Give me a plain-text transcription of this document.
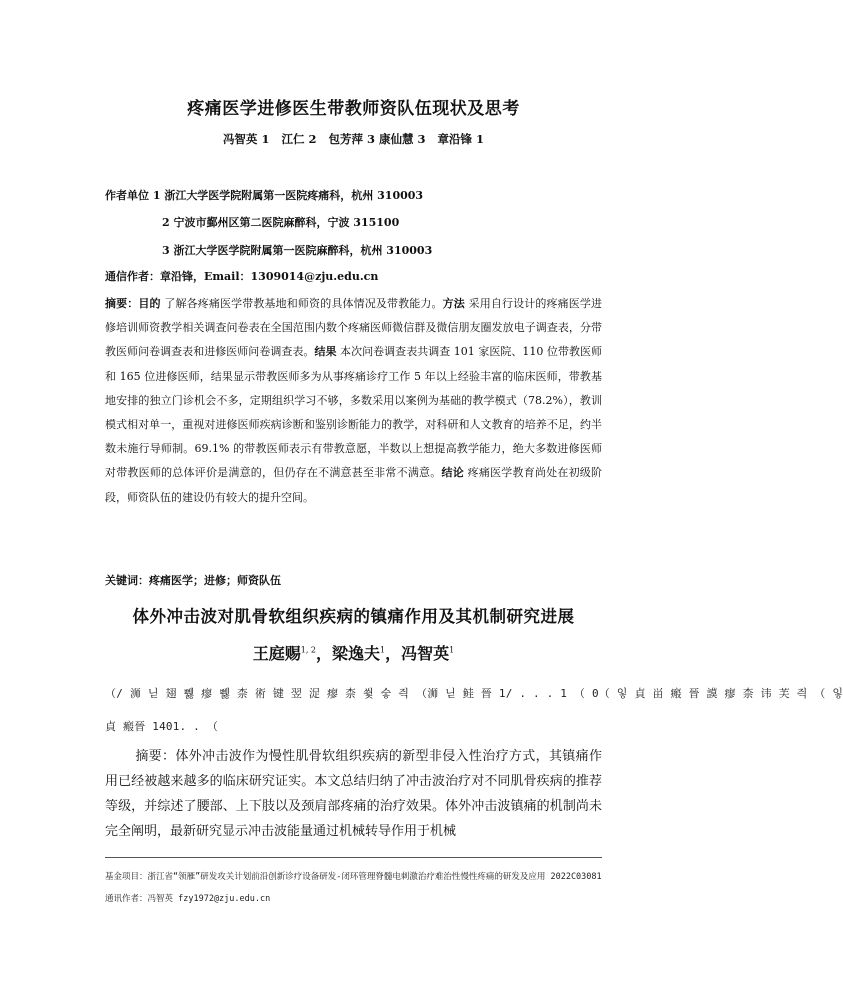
疼痛医学进修医生带教师资队伍现状及思考
冯智英 1 江仁 2 包芳萍 3 康仙慧 3 章沿锋 1
作者单位 1 浙江大学医学院附属第一医院疼痛科，杭州 310003
2 宁波市鄞州区第二医院麻醉科，宁波 315100
3 浙江大学医学院附属第一医院麻醉科，杭州 310003
通信作者：章沿锋，Email：1309014@zju.edu.cn
摘要：目的 了解各疼痛医学带教基地和师资的具体情况及带教能力。方法 采用自行设计的疼痛医学进修培训师资教学相关调查问卷表在全国范围内数个疼痛医师微信群及微信朋友圈发放电子调查表，分带教医师问卷调查表和进修医师问卷调查表。结果 本次问卷调查表共调查 101 家医院、110 位带教医师和 165 位进修医师，结果显示带教医师多为从事疼痛诊疗工作 5 年以上经验丰富的临床医师，带教基地安排的独立门诊机会不多，定期组织学习不够，多数采用以案例为基础的教学模式（78.2%），教训模式相对单一，重视对进修医师疾病诊断和鉴别诊断能力的教学，对科研和人文教育的培养不足，约半数未施行导师制。69.1% 的带教医师表示有带教意愿，半数以上想提高教学能力，绝大多数进修医师对带教医师的总体评价是满意的，但仍存在不满意甚至非常不满意。结论 疼痛医学教育尚处在初级阶段，师资队伍的建设仍有较大的提升空间。
关键词：疼痛医学；进修；师资队伍
体外冲击波对肌骨软组织疾病的镇痛作用及其机制研究进展
王庭赐$^{1, 2}$，梁逸夫$^1$，冯智英$^1$
（/ 浉 닏 翅 쀓 瘳 쀓 柰 術 键 翌 浞 瘳 柰 쓏 숳 즥 （浉 닏 鲑 晉 1/ . . . 1 （ 0（ 잏 貞 畄 瘢 晉 謨 瘳 柰 讳 芙 즥 （ 잏
貞 瘢晉 1401. . （
摘要：体外冲击波作为慢性肌骨软组织疾病的新型非侵入性治疗方式，其镇痛作用已经被越来越多的临床研究证实。本文总结归纳了冲击波治疗对不同肌骨疾病的推荐等级，并综述了腰部、上下肢以及颈肩部疼痛的治疗效果。体外冲击波镇痛的机制尚未完全阐明，最新研究显示冲击波能量通过机械转导作用于机械
基金项目：浙江省“领雁”研发攻关计划前沿创新诊疗设备研发-闭环管理脊髓电刺激治疗难治性慢性疼痛的研发及应用 2022C03081
通讯作者：冯智英 fzy1972@zju.edu.cn
